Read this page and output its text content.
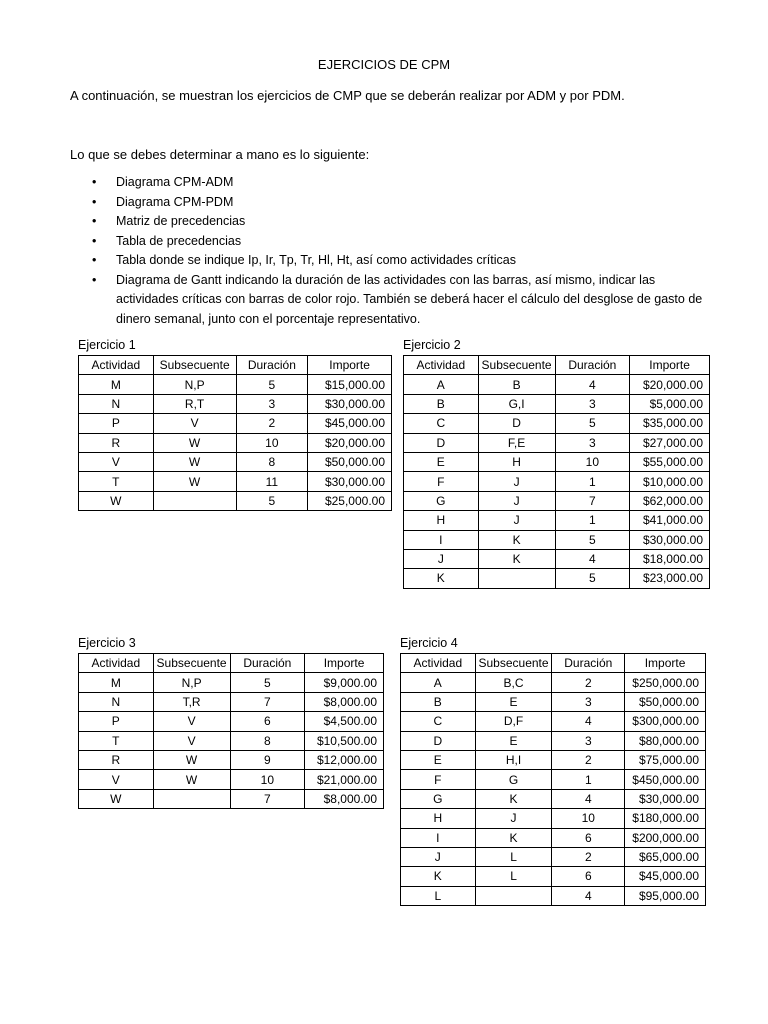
EJERCICIOS DE CPM
A continuación, se muestran los ejercicios de CMP que se deberán realizar por ADM y por PDM.
Lo que se debes determinar a mano es lo siguiente:
• Diagrama CPM-ADM
• Diagrama CPM-PDM
• Matriz de precedencias
• Tabla de precedencias
• Tabla donde se indique Ip, Ir, Tp, Tr, Hl, Ht, así como actividades críticas
• Diagrama de Gantt indicando la duración de las actividades con las barras, así mismo, indicar las actividades críticas con barras de color rojo. También se deberá hacer el cálculo del desglose de gasto de dinero semanal, junto con el porcentaje representativo.
Ejercicio 1
Actividad	Subsecuente	Duración	Importe
M	N,P	5	$15,000.00
N	R,T	3	$30,000.00
P	V	2	$45,000.00
R	W	10	$20,000.00
V	W	8	$50,000.00
T	W	11	$30,000.00
W		5	$25,000.00
Ejercicio 2
Actividad	Subsecuente	Duración	Importe
A	B	4	$20,000.00
B	G,I	3	$5,000.00
C	D	5	$35,000.00
D	F,E	3	$27,000.00
E	H	10	$55,000.00
F	J	1	$10,000.00
G	J	7	$62,000.00
H	J	1	$41,000.00
I	K	5	$30,000.00
J	K	4	$18,000.00
K		5	$23,000.00
Ejercicio 3
Actividad	Subsecuente	Duración	Importe
M	N,P	5	$9,000.00
N	T,R	7	$8,000.00
P	V	6	$4,500.00
T	V	8	$10,500.00
R	W	9	$12,000.00
V	W	10	$21,000.00
W		7	$8,000.00
Ejercicio 4
Actividad	Subsecuente	Duración	Importe
A	B,C	2	$250,000.00
B	E	3	$50,000.00
C	D,F	4	$300,000.00
D	E	3	$80,000.00
E	H,I	2	$75,000.00
F	G	1	$450,000.00
G	K	4	$30,000.00
H	J	10	$180,000.00
I	K	6	$200,000.00
J	L	2	$65,000.00
K	L	6	$45,000.00
L		4	$95,000.00
